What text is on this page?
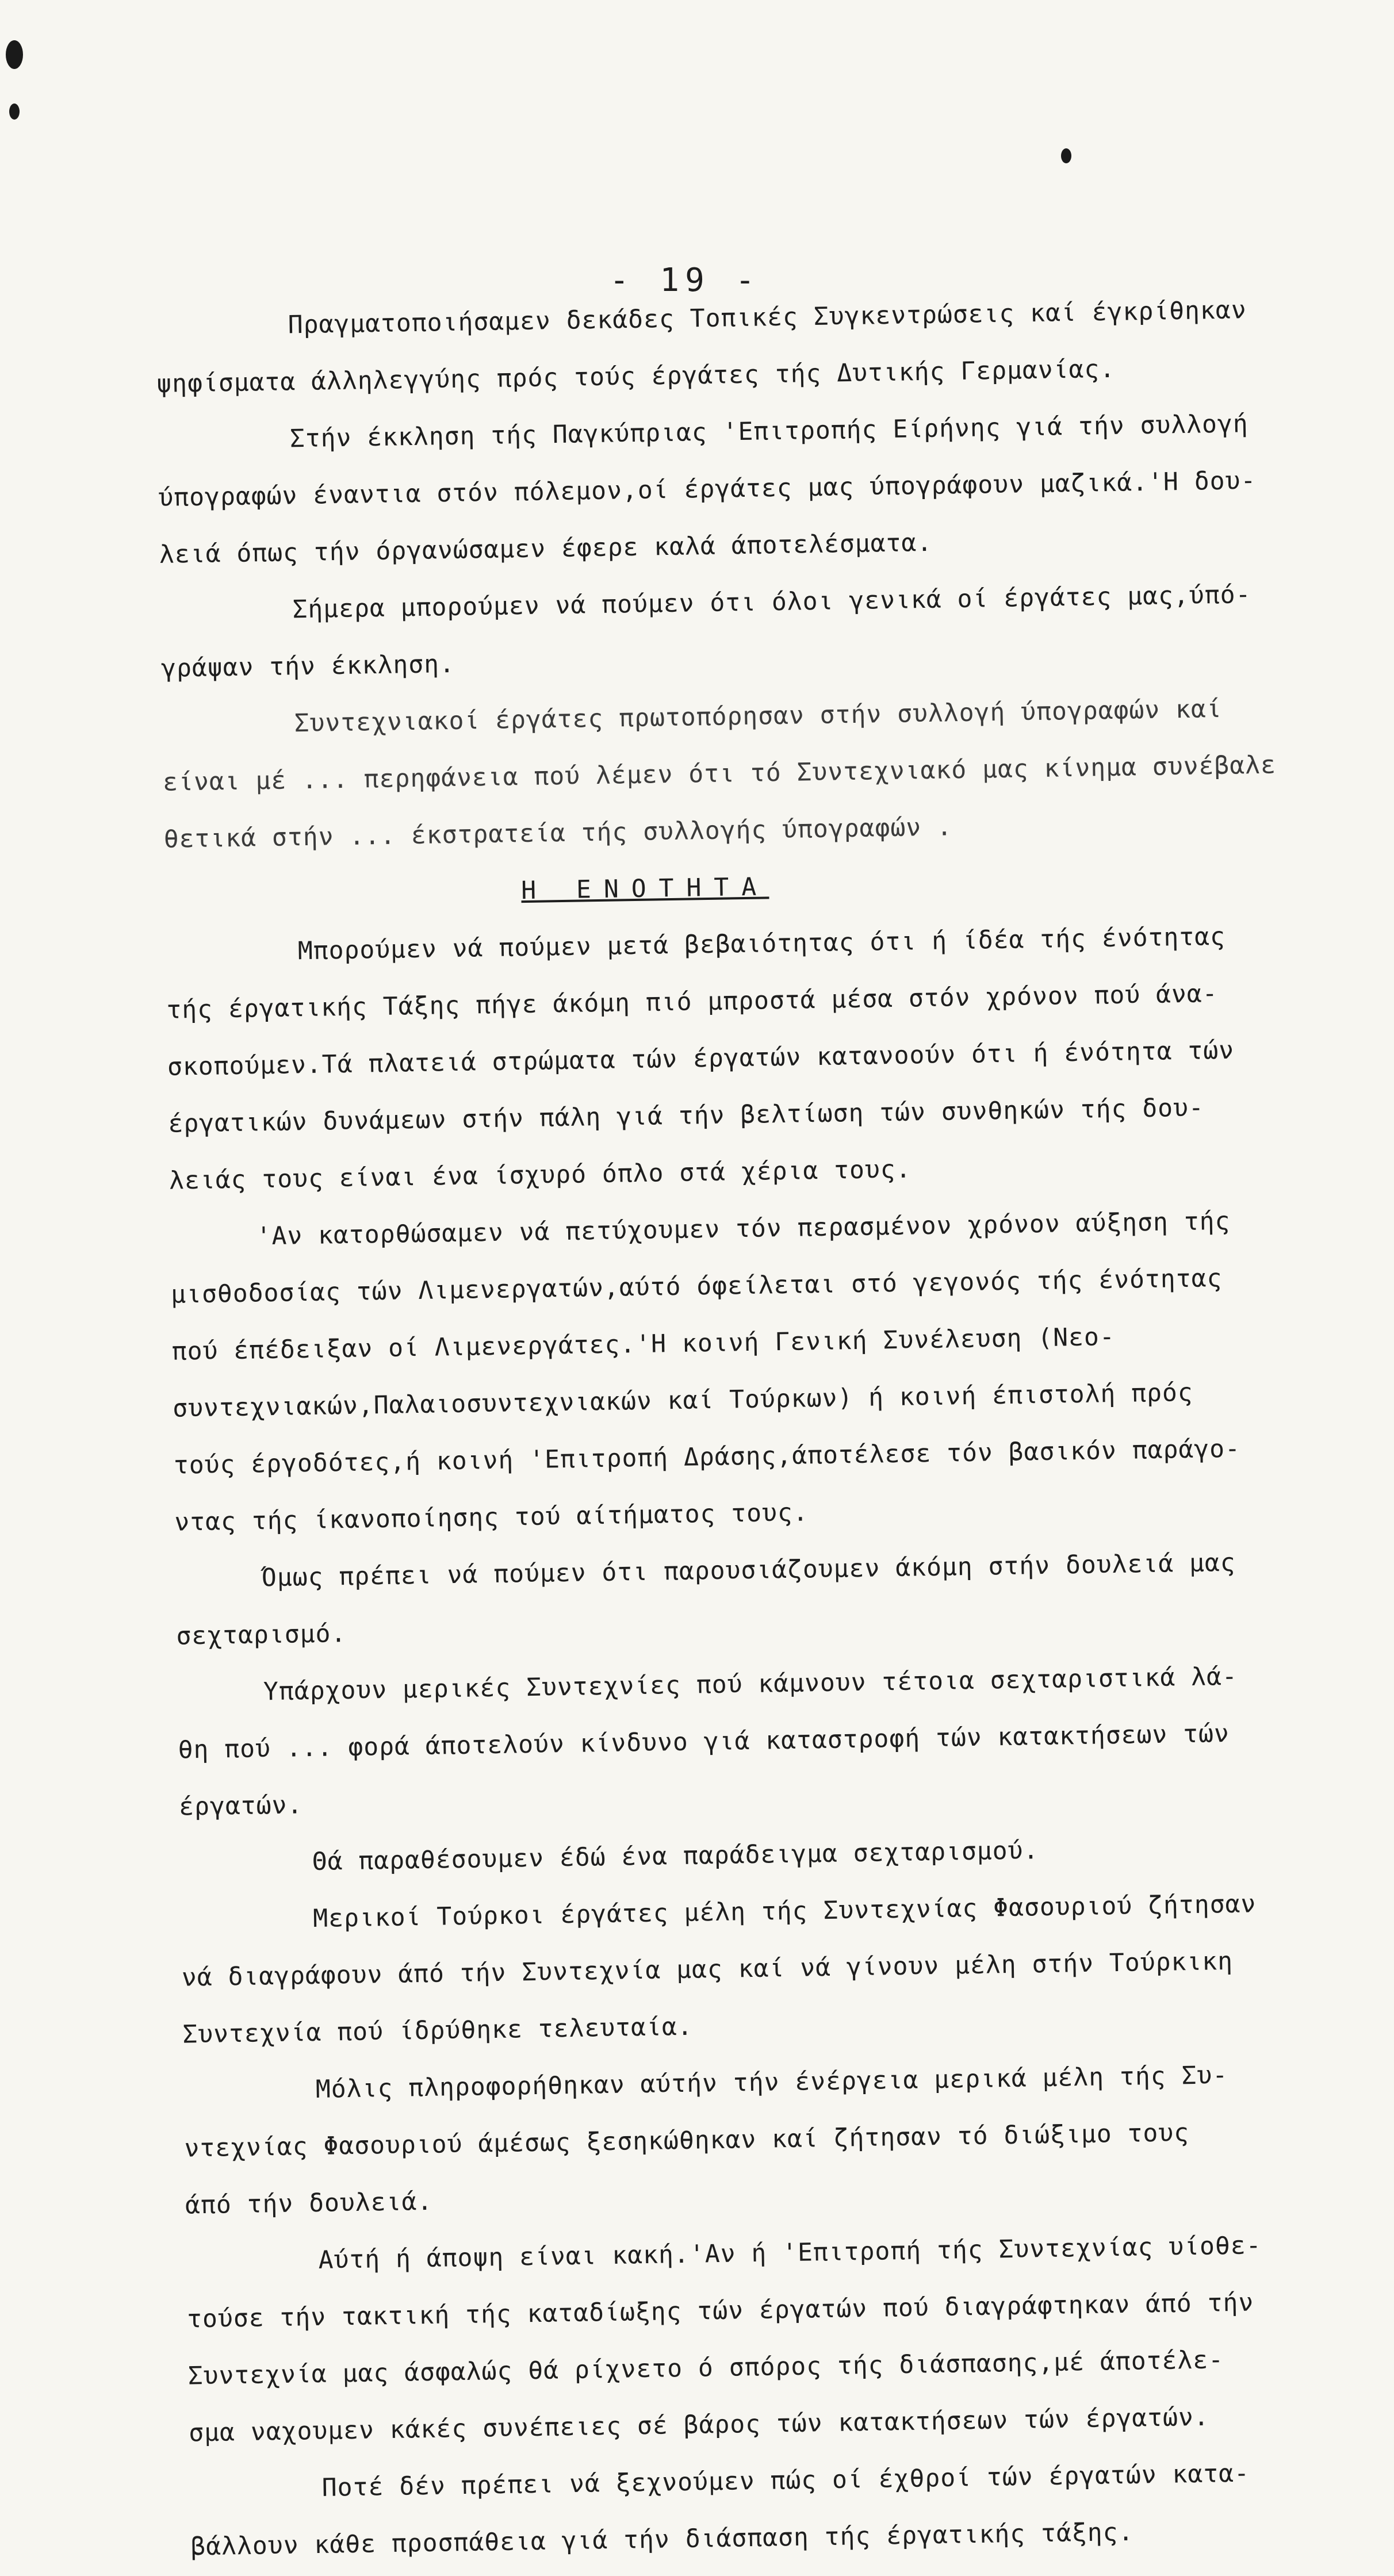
- 19 -
Πραγματοποιήσαμεν δεκάδες Τοπικές Συγκεντρώσεις καί έγκρίθηκαν
ψηφίσματα άλληλεγγύης πρός τούς έργάτες τής Δυτικής Γερμανίας.
Στήν έκκληση τής Παγκύπριας 'Επιτροπής Είρήνης γιά τήν συλλογή
ύπογραφών έναντια στόν πόλεμον,οί έργάτες μας ύπογράφουν μαζικά.'Η δου-
λειά όπως τήν όργανώσαμεν έφερε καλά άποτελέσματα.
Σήμερα μπορούμεν νά πούμεν ότι όλοι γενικά οί έργάτες μας,ύπό-
γράψαν τήν έκκληση.
Συντεχνιακοί έργάτες πρωτοπόρησαν στήν συλλογή ύπογραφών καί
είναι μέ ... περηφάνεια πού λέμεν ότι τό Συντεχνιακό μας κίνημα συνέβαλε
θετικά στήν ... έκστρατεία τής συλλογής ύπογραφών .
Η ΕΝΟΤΗΤΑ
Μπορούμεν νά πούμεν μετά βεβαιότητας ότι ή ίδέα τής ένότητας
τής έργατικής Τάξης πήγε άκόμη πιό μπροστά μέσα στόν χρόνον πού άνα-
σκοπούμεν.Τά πλατειά στρώματα τών έργατών κατανοούν ότι ή ένότητα τών
έργατικών δυνάμεων στήν πάλη γιά τήν βελτίωση τών συνθηκών τής δου-
λειάς τους είναι ένα ίσχυρό όπλο στά χέρια τους.
'Αν κατορθώσαμεν νά πετύχουμεν τόν περασμένον χρόνον αύξηση τής
μισθοδοσίας τών Λιμενεργατών,αύτό όφείλεται στό γεγονός τής ένότητας
πού έπέδειξαν οί Λιμενεργάτες.'Η κοινή Γενική Συνέλευση (Νεο-
συντεχνιακών,Παλαιοσυντεχνιακών καί Τούρκων) ή κοινή έπιστολή πρός
τούς έργοδότες,ή κοινή 'Επιτροπή Δράσης,άποτέλεσε τόν βασικόν παράγο-
ντας τής ίκανοποίησης τού αίτήματος τους.
Όμως πρέπει νά πούμεν ότι παρουσιάζουμεν άκόμη στήν δουλειά μας
σεχταρισμό.
Υπάρχουν μερικές Συντεχνίες πού κάμνουν τέτοια σεχταριστικά λά-
θη πού ... φορά άποτελούν κίνδυνο γιά καταστροφή τών κατακτήσεων τών
έργατών.
Θά παραθέσουμεν έδώ ένα παράδειγμα σεχταρισμού.
Μερικοί Τούρκοι έργάτες μέλη τής Συντεχνίας Φασουριού ζήτησαν
νά διαγράφουν άπό τήν Συντεχνία μας καί νά γίνουν μέλη στήν Τούρκικη
Συντεχνία πού ίδρύθηκε τελευταία.
Μόλις πληροφορήθηκαν αύτήν τήν ένέργεια μερικά μέλη τής Συ-
ντεχνίας Φασουριού άμέσως ξεσηκώθηκαν καί ζήτησαν τό διώξιμο τους
άπό τήν δουλειά.
Αύτή ή άποψη είναι κακή.'Αν ή 'Επιτροπή τής Συντεχνίας υίοθε-
τούσε τήν τακτική τής καταδίωξης τών έργατών πού διαγράφτηκαν άπό τήν
Συντεχνία μας άσφαλώς θά ρίχνετο ό σπόρος τής διάσπασης,μέ άποτέλε-
σμα ναχουμεν κάκές συνέπειες σέ βάρος τών κατακτήσεων τών έργατών.
Ποτέ δέν πρέπει νά ξεχνούμεν πώς οί έχθροί τών έργατών κατα-
βάλλουν κάθε προσπάθεια γιά τήν διάσπαση τής έργατικής τάξης.
